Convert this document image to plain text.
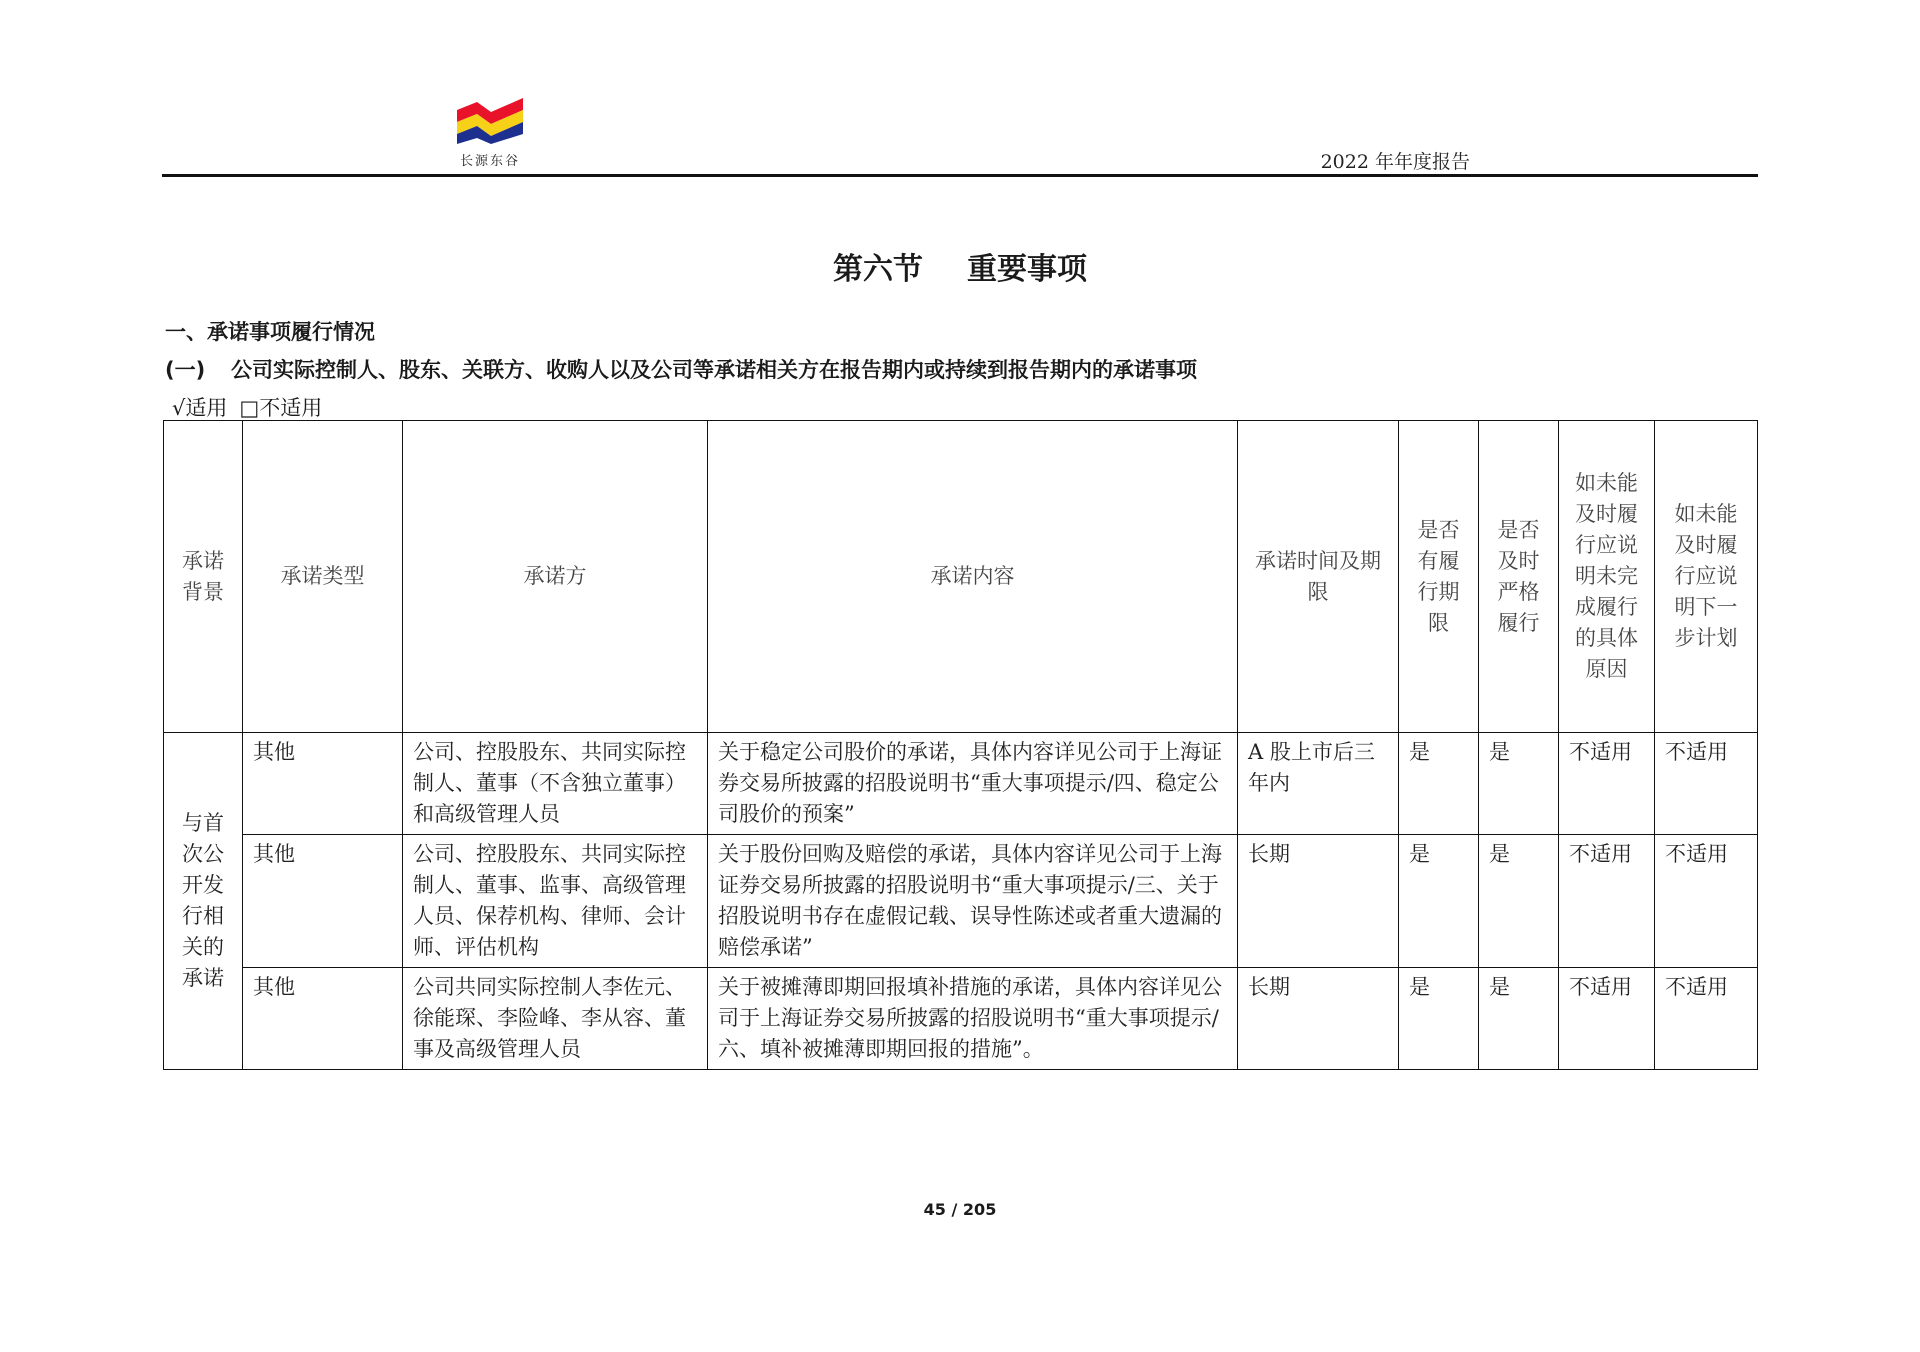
长源东谷	2022 年年度报告
第六节 重要事项
一、承诺事项履行情况
(一) 公司实际控制人、股东、关联方、收购人以及公司等承诺相关方在报告期内或持续到报告期内的承诺事项
√适用 □不适用
承诺背景	承诺类型	承诺方	承诺内容	承诺时间及期限	是否有履行期限	是否及时严格履行	如未能及时履行应说明未完成履行的具体原因	如未能及时履行应说明下一步计划
与首次公开发行相关的承诺	其他	公司、控股股东、共同实际控制人、董事（不含独立董事）和高级管理人员	关于稳定公司股价的承诺，具体内容详见公司于上海证券交易所披露的招股说明书“重大事项提示/四、稳定公司股价的预案”	A 股上市后三年内	是	是	不适用	不适用
	其他	公司、控股股东、共同实际控制人、董事、监事、高级管理人员、保荐机构、律师、会计师、评估机构	关于股份回购及赔偿的承诺，具体内容详见公司于上海证券交易所披露的招股说明书“重大事项提示/三、关于招股说明书存在虚假记载、误导性陈述或者重大遗漏的赔偿承诺”	长期	是	是	不适用	不适用
	其他	公司共同实际控制人李佐元、徐能琛、李险峰、李从容、董事及高级管理人员	关于被摊薄即期回报填补措施的承诺，具体内容详见公司于上海证券交易所披露的招股说明书“重大事项提示/六、填补被摊薄即期回报的措施”。	长期	是	是	不适用	不适用
45 / 205
